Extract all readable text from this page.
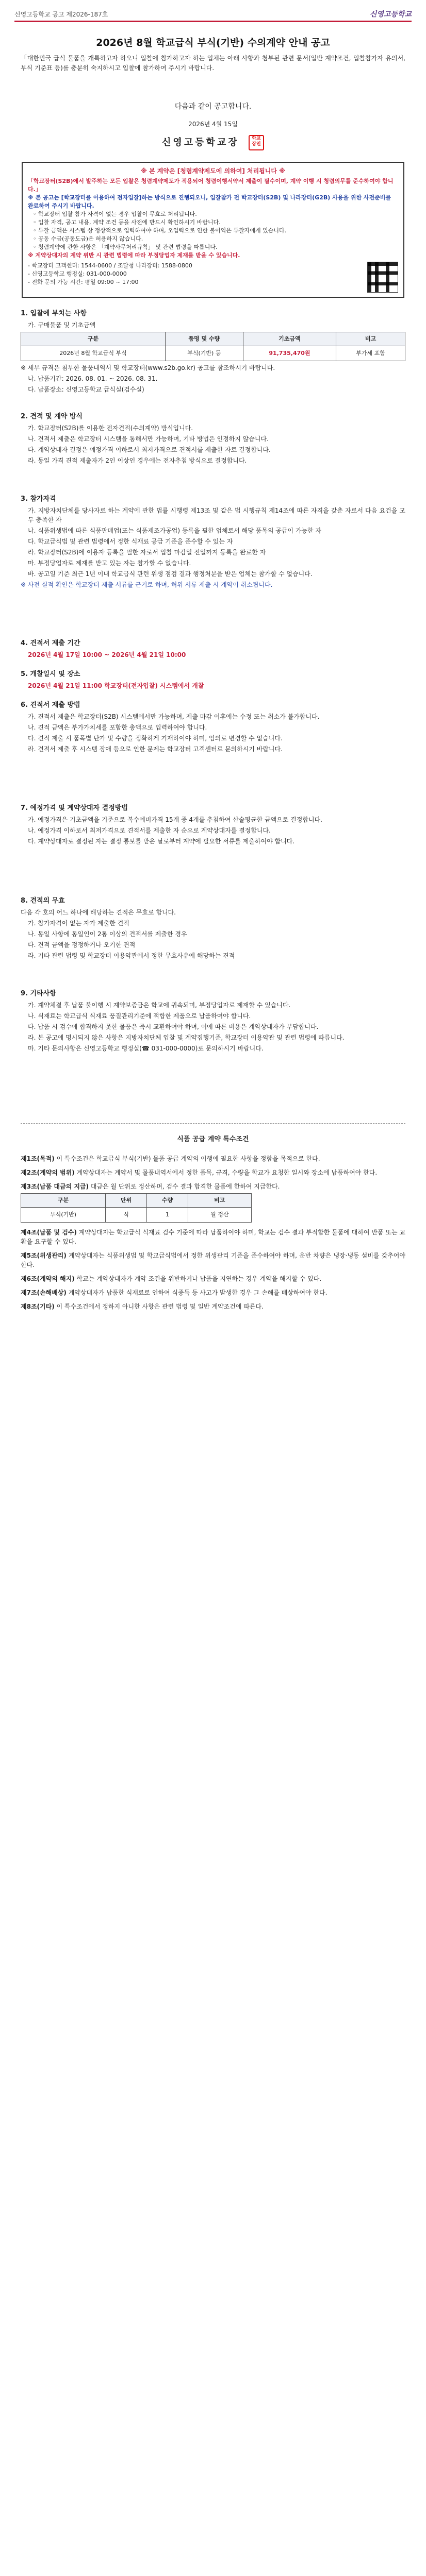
신영고등학교 공고 제2026-187호	신영고등학교
2026년 8월 학교급식 부식(기반) 수의계약 안내 공고
「대한민국 급식 물품을 개특하고자 하오니 입찰에 참가하고자 하는 업체는 아래 사항과 첨부된 관련 문서(일반 계약조건, 입찰참가자 유의서, 부식 기준표 등)를 충분히 숙지하시고 입찰에 참가하여 주시기 바랍니다.
다음과 같이 공고합니다.
2026년 4월 15일
신영고등학교장	학교장인
※ 본 계약은 [청렴계약제도에 의하여] 처리됩니다 ※
「학교장터(S2B)에서 발주하는 모든 입찰은 청렴계약제도가 적용되어 청렴이행서약서 제출이 필수이며, 계약 이행 시 청렴의무를 준수하여야 합니다.」
※ 본 공고는 [학교장터를 이용하여 전자입찰]하는 방식으로 진행되오니, 입찰참가 전 학교장터(S2B) 및 나라장터(G2B) 사용을 위한 사전준비를 완료하여 주시기 바랍니다.
◦ 학교장터 입찰 참가 자격이 없는 경우 입찰이 무효로 처리됩니다.
◦ 입찰 자격, 공고 내용, 계약 조건 등을 사전에 반드시 확인하시기 바랍니다.
◦ 투찰 금액은 시스템 상 정상적으로 입력하여야 하며, 오입력으로 인한 불이익은 투찰자에게 있습니다.
◦ 공동 수급(공동도급)은 허용하지 않습니다.
◦ 청렴계약에 관한 사항은 「계약사무처리규칙」 및 관련 법령을 따릅니다.
※ 계약상대자의 계약 위반 시 관련 법령에 따라 부정당업자 제재를 받을 수 있습니다.
- 학교장터 고객센터: 1544-0600 / 조달청 나라장터: 1588-0800
- 신영고등학교 행정실: 031-000-0000
- 전화 문의 가능 시간: 평일 09:00 ~ 17:00
1. 입찰에 부치는 사항

가. 구매물품 및 기초금액

구분	품명 및 수량	기초금액	비고
2026년 8월 학교급식 부식	부식(기반) 등	91,735,470원	부가세 포함

※ 세부 규격은 첨부한 물품내역서 및 학교장터(www.s2b.go.kr) 공고를 참조하시기 바랍니다.

나. 납품기간: 2026. 08. 01. ~ 2026. 08. 31.

다. 납품장소: 신영고등학교 급식실(검수실)

2. 견적 및 계약 방식

가. 학교장터(S2B)를 이용한 전자견적(수의계약) 방식입니다.

나. 견적서 제출은 학교장터 시스템을 통해서만 가능하며, 기타 방법은 인정하지 않습니다.

다. 계약상대자 결정은 예정가격 이하로서 최저가격으로 견적서를 제출한 자로 결정합니다.

라. 동일 가격 견적 제출자가 2인 이상인 경우에는 전자추첨 방식으로 결정합니다.

3. 참가자격

가. 지방자치단체를 당사자로 하는 계약에 관한 법률 시행령 제13조 및 같은 법 시행규칙 제14조에 따른 자격을 갖춘 자로서 다음 요건을 모두 충족한 자

나. 식품위생법에 따른 식품판매업(또는 식품제조가공업) 등록을 필한 업체로서 해당 품목의 공급이 가능한 자

다. 학교급식법 및 관련 법령에서 정한 식재료 공급 기준을 준수할 수 있는 자

라. 학교장터(S2B)에 이용자 등록을 필한 자로서 입찰 마감일 전일까지 등록을 완료한 자

마. 부정당업자로 제재를 받고 있는 자는 참가할 수 없습니다.

바. 공고일 기준 최근 1년 이내 학교급식 관련 위생 점검 결과 행정처분을 받은 업체는 참가할 수 없습니다.

※ 사전 실적 확인은 학교장터 제출 서류를 근거로 하며, 허위 서류 제출 시 계약이 취소됩니다.

4. 견적서 제출 기간

2026년 4월 17일 10:00 ~ 2026년 4월 21일 10:00

5. 개찰일시 및 장소

2026년 4월 21일 11:00 학교장터(전자입찰) 시스템에서 개찰

6. 견적서 제출 방법

가. 견적서 제출은 학교장터(S2B) 시스템에서만 가능하며, 제출 마감 이후에는 수정 또는 취소가 불가합니다.

나. 견적 금액은 부가가치세를 포함한 총액으로 입력하여야 합니다.

다. 견적 제출 시 품목별 단가 및 수량을 정확하게 기재하여야 하며, 임의로 변경할 수 없습니다.

라. 견적서 제출 후 시스템 장애 등으로 인한 문제는 학교장터 고객센터로 문의하시기 바랍니다.

7. 예정가격 및 계약상대자 결정방법

가. 예정가격은 기초금액을 기준으로 복수예비가격 15개 중 4개를 추첨하여 산술평균한 금액으로 결정합니다.

나. 예정가격 이하로서 최저가격으로 견적서를 제출한 자 순으로 계약상대자를 결정합니다.

다. 계약상대자로 결정된 자는 결정 통보를 받은 날로부터 계약에 필요한 서류를 제출하여야 합니다.

8. 견적의 무효

다음 각 호의 어느 하나에 해당하는 견적은 무효로 합니다.

가. 참가자격이 없는 자가 제출한 견적

나. 동일 사항에 동일인이 2통 이상의 견적서를 제출한 경우

다. 견적 금액을 정정하거나 오기한 견적

라. 기타 관련 법령 및 학교장터 이용약관에서 정한 무효사유에 해당하는 견적

9. 기타사항

가. 계약체결 후 납품 불이행 시 계약보증금은 학교에 귀속되며, 부정당업자로 제재할 수 있습니다.

나. 식재료는 학교급식 식재료 품질관리기준에 적합한 제품으로 납품하여야 합니다.

다. 납품 시 검수에 합격하지 못한 물품은 즉시 교환하여야 하며, 이에 따른 비용은 계약상대자가 부담합니다.

라. 본 공고에 명시되지 않은 사항은 지방자치단체 입찰 및 계약집행기준, 학교장터 이용약관 및 관련 법령에 따릅니다.

마. 기타 문의사항은 신영고등학교 행정실(☎ 031-000-0000)로 문의하시기 바랍니다.

식품 공급 계약 특수조건

제1조(목적) 이 특수조건은 학교급식 부식(기반) 물품 공급 계약의 이행에 필요한 사항을 정함을 목적으로 한다.

제2조(계약의 범위) 계약상대자는 계약서 및 물품내역서에서 정한 품목, 규격, 수량을 학교가 요청한 일시와 장소에 납품하여야 한다.

제3조(납품 대금의 지급) 대금은 월 단위로 정산하며, 검수 결과 합격한 물품에 한하여 지급한다.

구분	단위	수량	비고
부식(기반)	식	1	월 정산

제4조(납품 및 검수) 계약상대자는 학교급식 식재료 검수 기준에 따라 납품하여야 하며, 학교는 검수 결과 부적합한 물품에 대하여 반품 또는 교환을 요구할 수 있다.

제5조(위생관리) 계약상대자는 식품위생법 및 학교급식법에서 정한 위생관리 기준을 준수하여야 하며, 운반 차량은 냉장·냉동 설비를 갖추어야 한다.

제6조(계약의 해지) 학교는 계약상대자가 계약 조건을 위반하거나 납품을 지연하는 경우 계약을 해지할 수 있다.

제7조(손해배상) 계약상대자가 납품한 식재료로 인하여 식중독 등 사고가 발생한 경우 그 손해를 배상하여야 한다.

제8조(기타) 이 특수조건에서 정하지 아니한 사항은 관련 법령 및 일반 계약조건에 따른다.
